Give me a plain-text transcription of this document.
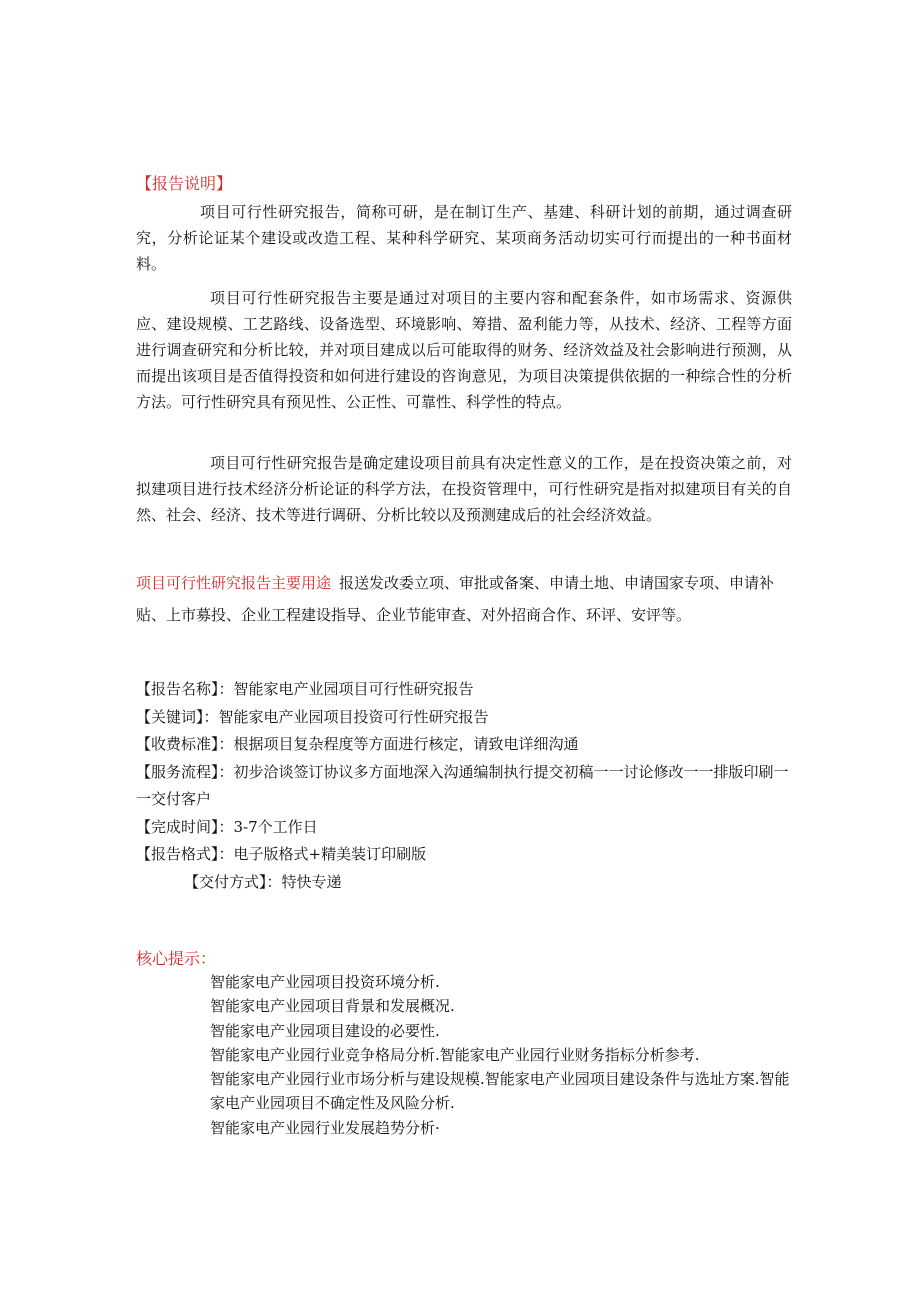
【报告说明】

项目可行性研究报告，简称可研，是在制订生产、基建、科研计划的前期，通过调查研究，分析论证某个建设或改造工程、某种科学研究、某项商务活动切实可行而提出的一种书面材料。

项目可行性研究报告主要是通过对项目的主要内容和配套条件，如市场需求、资源供应、建设规模、工艺路线、设备选型、环境影响、筹措、盈利能力等，从技术、经济、工程等方面进行调查研究和分析比较，并对项目建成以后可能取得的财务、经济效益及社会影响进行预测，从而提出该项目是否值得投资和如何进行建设的咨询意见，为项目决策提供依据的一种综合性的分析方法。可行性研究具有预见性、公正性、可靠性、科学性的特点。

项目可行性研究报告是确定建设项目前具有决定性意义的工作，是在投资决策之前，对拟建项目进行技术经济分析论证的科学方法，在投资管理中，可行性研究是指对拟建项目有关的自然、社会、经济、技术等进行调研、分析比较以及预测建成后的社会经济效益。

项目可行性研究报告主要用途 报送发改委立项、审批或备案、申请土地、申请国家专项、申请补贴、上市募投、企业工程建设指导、企业节能审查、对外招商合作、环评、安评等。

【报告名称】：智能家电产业园项目可行性研究报告

【关键词】：智能家电产业园项目投资可行性研究报告

【收费标准】：根据项目复杂程度等方面进行核定，请致电详细沟通

【服务流程】：初步洽谈签订协议多方面地深入沟通编制执行提交初稿一一讨论修改一一排版印刷一一交付客户

【完成时间】：3-7个工作日

【报告格式】：电子版格式+精美装订印刷版

【交付方式】：特快专递

核心提示：
智能家电产业园项目投资环境分析.
智能家电产业园项目背景和发展概况.
智能家电产业园项目建设的必要性.
智能家电产业园行业竞争格局分析.智能家电产业园行业财务指标分析参考.
智能家电产业园行业市场分析与建设规模.智能家电产业园项目建设条件与选址方案.智能家电产业园项目不确定性及风险分析.
智能家电产业园行业发展趋势分析·
